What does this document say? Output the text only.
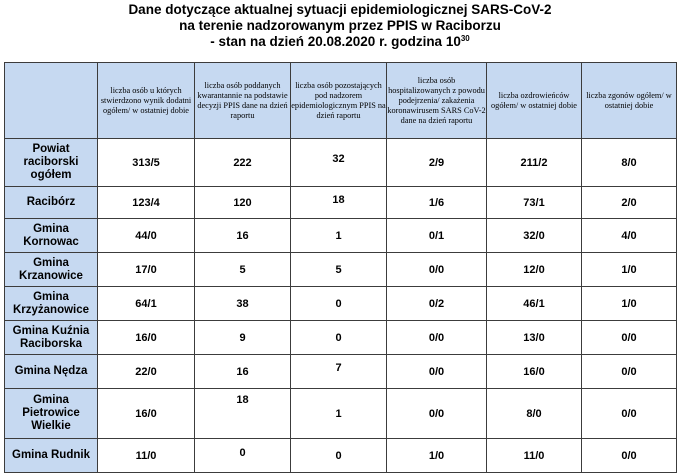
Dane dotyczące aktualnej sytuacji epidemiologicznej SARS-CoV-2
na terenie nadzorowanym przez PPIS w Raciborzu
- stan na dzień 20.08.2020 r. godzina $10^{30}$
	liczba osób u których stwierdzono wynik dodatni ogółem/ w ostatniej dobie	liczba osób poddanych kwarantannie na podstawie decyzji PPIS dane na dzień raportu	liczba osób pozostających pod nadzorem epidemiologicznym PPIS na dzień raportu	liczba osób hospitalizowanych z powodu podejrzenia/ zakażenia koronawirusem SARS CoV-2 dane na dzień raportu	liczba ozdrowieńców ogółem/ w ostatniej dobie	liczba zgonów ogółem/ w ostatniej dobie
Powiat raciborski ogółem	313/5	222	32	2/9	211/2	8/0

Racibórz	123/4	120	18	1/6	73/1	2/0

Gmina Kornowac	44/0	16	1	0/1	32/0	4/0

Gmina Krzanowice	17/0	5	5	0/0	12/0	1/0

Gmina Krzyżanowice	64/1	38	0	0/2	46/1	1/0

Gmina Kuźnia Raciborska	16/0	9	0	0/0	13/0	0/0

Gmina Nędza	22/0	16	7	0/0	16/0	0/0

Gmina Pietrowice Wielkie	16/0	18	1	0/0	8/0	0/0

Gmina Rudnik	11/0	0	0	1/0	11/0	0/0
